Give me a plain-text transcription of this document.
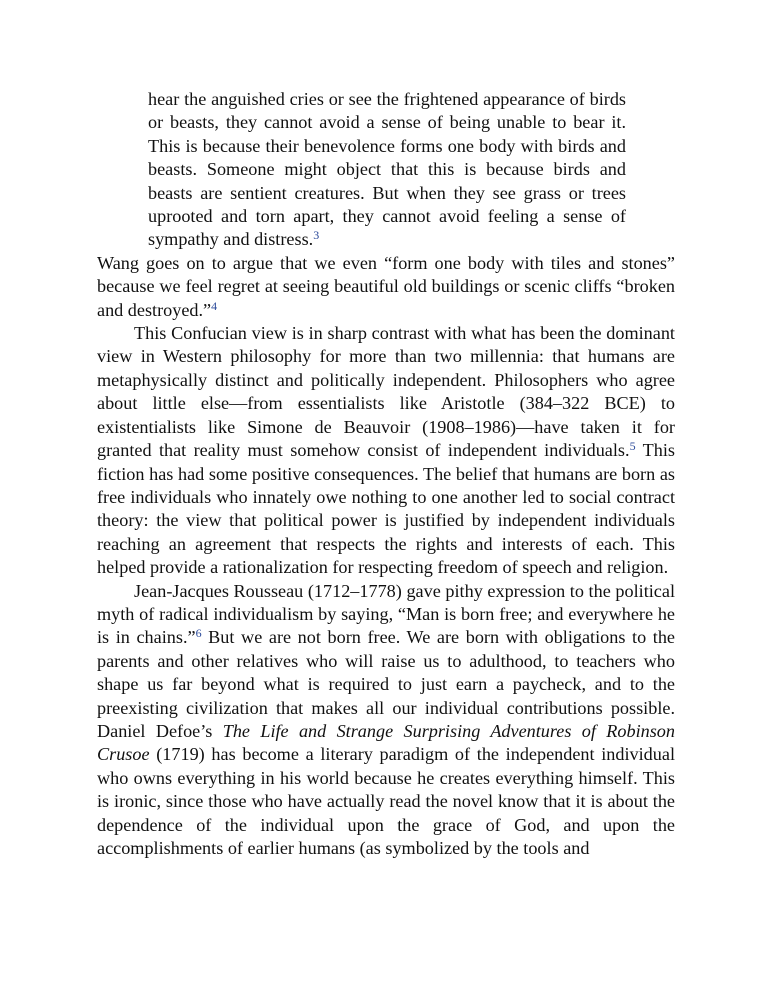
hear the anguished cries or see the frightened appearance of birds or beasts, they cannot avoid a sense of being unable to bear it. This is because their benevolence forms one body with birds and beasts. Someone might object that this is because birds and beasts are sentient creatures. But when they see grass or trees uprooted and torn apart, they cannot avoid feeling a sense of sympathy and distress.$^3$

Wang goes on to argue that we even “form one body with tiles and stones” because we feel regret at seeing beautiful old buildings or scenic cliffs “broken and destroyed.”$^4$

This Confucian view is in sharp contrast with what has been the dominant view in Western philosophy for more than two millennia: that humans are metaphysically distinct and politically independent. Philosophers who agree about little else—from essentialists like Aristotle (384–322 BCE) to existentialists like Simone de Beauvoir (1908–1986)—have taken it for granted that reality must somehow consist of independent individuals.$^5$ This fiction has had some positive consequences. The belief that humans are born as free individuals who innately owe nothing to one another led to social contract theory: the view that political power is justified by independent individuals reaching an agreement that respects the rights and interests of each. This helped provide a rationalization for respecting freedom of speech and religion.

Jean-Jacques Rousseau (1712–1778) gave pithy expression to the political myth of radical individualism by saying, “Man is born free; and everywhere he is in chains.”$^6$ But we are not born free. We are born with obligations to the parents and other relatives who will raise us to adulthood, to teachers who shape us far beyond what is required to just earn a paycheck, and to the preexisting civilization that makes all our individual contributions possible. Daniel Defoe’s The Life and Strange Surprising Adventures of Robinson Crusoe (1719) has become a literary paradigm of the independent individual who owns everything in his world because he creates everything himself. This is ironic, since those who have actually read the novel know that it is about the dependence of the individual upon the grace of God, and upon the accomplishments of earlier humans (as symbolized by the tools and
